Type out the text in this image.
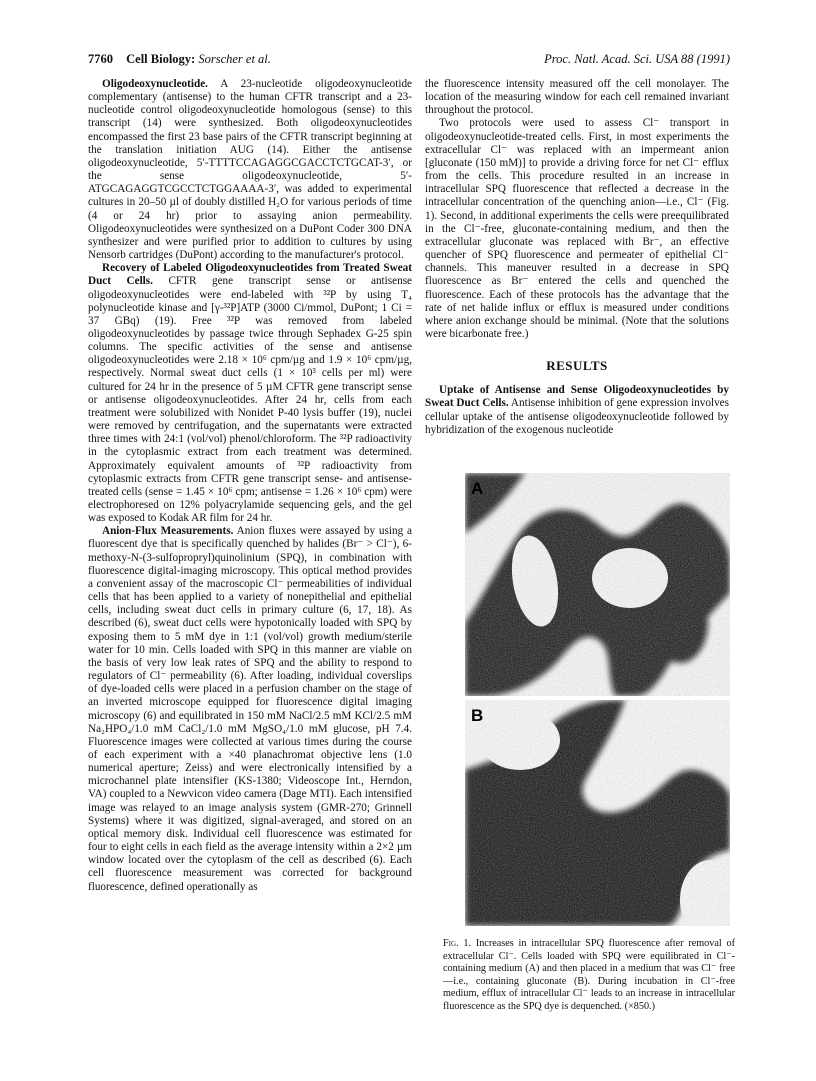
7760 Cell Biology: Sorscher et al.	Proc. Natl. Acad. Sci. USA 88 (1991)

Oligodeoxynucleotide. A 23-nucleotide oligodeoxynucleotide complementary (antisense) to the human CFTR transcript and a 23-nucleotide control oligodeoxynucleotide homologous (sense) to this transcript (14) were synthesized. Both oligodeoxynucleotides encompassed the first 23 base pairs of the CFTR transcript beginning at the translation initiation AUG (14). Either the antisense oligodeoxynucleotide, 5′-TTTTCCAGAGGCGACCTCTGCAT-3′, or the sense oligodeoxynucleotide, 5′-ATGCAGAGGTCGCCTCTGGAAAA-3′, was added to experimental cultures in 20–50 µl of doubly distilled H₂O for various periods of time (4 or 24 hr) prior to assaying anion permeability. Oligodeoxynucleotides were synthesized on a DuPont Coder 300 DNA synthesizer and were purified prior to addition to cultures by using Nensorb cartridges (DuPont) according to the manufacturer's protocol.

Recovery of Labeled Oligodeoxynucleotides from Treated Sweat Duct Cells. CFTR gene transcript sense or antisense oligodeoxynucleotides were end-labeled with ³²P by using T₄ polynucleotide kinase and [γ-³²P]ATP (3000 Ci/mmol, DuPont; 1 Ci = 37 GBq) (19). Free ³²P was removed from labeled oligodeoxynucleotides by passage twice through Sephadex G-25 spin columns. The specific activities of the sense and antisense oligodeoxynucleotides were 2.18 × 10⁶ cpm/µg and 1.9 × 10⁶ cpm/µg, respectively. Normal sweat duct cells (1 × 10³ cells per ml) were cultured for 24 hr in the presence of 5 µM CFTR gene transcript sense or antisense oligodeoxynucleotides. After 24 hr, cells from each treatment were solubilized with Nonidet P-40 lysis buffer (19), nuclei were removed by centrifugation, and the supernatants were extracted three times with 24:1 (vol/vol) phenol/chloroform. The ³²P radioactivity in the cytoplasmic extract from each treatment was determined. Approximately equivalent amounts of ³²P radioactivity from cytoplasmic extracts from CFTR gene transcript sense- and antisense-treated cells (sense = 1.45 × 10⁶ cpm; antisense = 1.26 × 10⁶ cpm) were electrophoresed on 12% polyacrylamide sequencing gels, and the gel was exposed to Kodak AR film for 24 hr.

Anion-Flux Measurements. Anion fluxes were assayed by using a fluorescent dye that is specifically quenched by halides (Br⁻ > Cl⁻), 6-methoxy-N-(3-sulfopropryl)quinolinium (SPQ), in combination with fluorescence digital-imaging microscopy. This optical method provides a convenient assay of the macroscopic Cl⁻ permeabilities of individual cells that has been applied to a variety of nonepithelial and epithelial cells, including sweat duct cells in primary culture (6, 17, 18). As described (6), sweat duct cells were hypotonically loaded with SPQ by exposing them to 5 mM dye in 1:1 (vol/vol) growth medium/sterile water for 10 min. Cells loaded with SPQ in this manner are viable on the basis of very low leak rates of SPQ and the ability to respond to regulators of Cl⁻ permeability (6). After loading, individual coverslips of dye-loaded cells were placed in a perfusion chamber on the stage of an inverted microscope equipped for fluorescence digital imaging microscopy (6) and equilibrated in 150 mM NaCl/2.5 mM KCl/2.5 mM Na₂HPO₄/1.0 mM CaCl₂/1.0 mM MgSO₄/1.0 mM glucose, pH 7.4. Fluorescence images were collected at various times during the course of each experiment with a ×40 planachromat objective lens (1.0 numerical aperture; Zeiss) and were electronically intensified by a microchannel plate intensifier (KS-1380; Videoscope Int., Herndon, VA) coupled to a Newvicon video camera (Dage MTI). Each intensified image was relayed to an image analysis system (GMR-270; Grinnell Systems) where it was digitized, signal-averaged, and stored on an optical memory disk. Individual cell fluorescence was estimated for four to eight cells in each field as the average intensity within a 2×2 µm window located over the cytoplasm of the cell as described (6). Each cell fluorescence measurement was corrected for background fluorescence, defined operationally as

the fluorescence intensity measured off the cell monolayer. The location of the measuring window for each cell remained invariant throughout the protocol.

Two protocols were used to assess Cl⁻ transport in oligodeoxynucleotide-treated cells. First, in most experiments the extracellular Cl⁻ was replaced with an impermeant anion [gluconate (150 mM)] to provide a driving force for net Cl⁻ efflux from the cells. This procedure resulted in an increase in intracellular SPQ fluorescence that reflected a decrease in the intracellular concentration of the quenching anion—i.e., Cl⁻ (Fig. 1). Second, in additional experiments the cells were preequilibrated in the Cl⁻-free, gluconate-containing medium, and then the extracellular gluconate was replaced with Br⁻, an effective quencher of SPQ fluorescence and permeater of epithelial Cl⁻ channels. This maneuver resulted in a decrease in SPQ fluorescence as Br⁻ entered the cells and quenched the fluorescence. Each of these protocols has the advantage that the rate of net halide influx or efflux is measured under conditions where anion exchange should be minimal. (Note that the solutions were bicarbonate free.)

RESULTS

Uptake of Antisense and Sense Oligodeoxynucleotides by Sweat Duct Cells. Antisense inhibition of gene expression involves cellular uptake of the antisense oligodeoxynucleotide followed by hybridization of the exogenous nucleotide

A
B
Fig. 1. Increases in intracellular SPQ fluorescence after removal of extracellular Cl⁻. Cells loaded with SPQ were equilibrated in Cl⁻-containing medium (A) and then placed in a medium that was Cl⁻ free—i.e., containing gluconate (B). During incubation in Cl⁻-free medium, efflux of intracellular Cl⁻ leads to an increase in intracellular fluorescence as the SPQ dye is dequenched. (×850.)
